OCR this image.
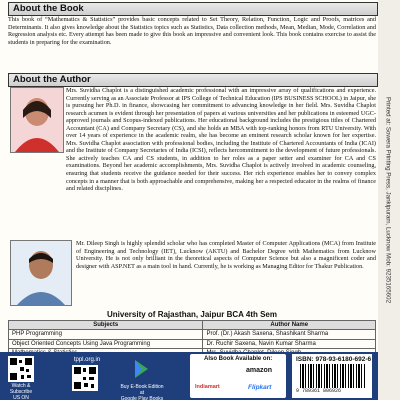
About the Book
This book of “Mathematics & Statistics” provides basic concepts related to Set Theory, Relation, Function, Logic and Proofs, matrices and Determinants. It also gives knowledge about the Statistics topics such as Statistics, Data collection methods, Mean, Median, Mode, Correlation and Regression analysis etc. Every attempt has been made to give this book an impressive and convenient look. This book contains exercise to assist the students in preparing for the examination.
About the Author
Mrs. Suvidha Chaplot is a distinguished academic professional with an impressive array of qualifications and experience. Currently serving as an Associate Professor at IPS College of Technical Education (IPS BUSINESS SCHOOL) in Jaipur, she is pursuing her Ph.D. in finance, showcasing her commitment to advancing knowledge in her field. Mrs. Suvidha Chaplot research acumen is evident through her presentation of papers at various universities and her publications in esteemed UGC-approved journals and Scopus-indexed publications. Her educational background includes the prestigious titles of Chartered Accountant (CA) and Company Secretary (CS), and she holds an MBA with top-ranking honors from RTU University. With over 14 years of experience in the academic realm, she has become an eminent research scholar known for her expertise. Mrs. Suvidha Chaplot association with professional bodies, including the Institute of Chartered Accountants of India (ICAI) and the Institute of Company Secretaries of India (ICSI), reflects hercommitment to the development of future professionals. She actively teaches CA and CS students, in addition to her roles as a paper setter and examiner for CA and CS examinations. Beyond her academic accomplishments, Mrs. Suvidha Chaplot is actively involved in academic counseling, ensuring that students receive the guidance needed for their success. Her rich experience enables her to convey complex concepts in a manner that is both approachable and comprehensive, making her a respected educator in the realms of finance and related disciplines.
Mr. Dileep Singh is highly splendid scholar who has completed Master of Computer Applications (MCA) from Institute of Engineering and Technology (IET), Lucknow (AKTU) and Bachelor Degree with Mathematics from Lucknow University. He is not only brilliant in the theoretical aspects of Computer Science but also a magnificent coder and designer with ASP.NET as a main tool in hand. Currently, he is working as Managing Editor for Thakur Publication.
University of Rajasthan, Jaipur BCA 4th Sem
Subjects	Author Name
PHP Programming	Prof. (Dr.) Akash Saxena, Shashikant Sharma
Object Oriented Concepts Using Java Programming	Dr. Ruchir Saxena, Navin Kumar Sharma

Watch & Subscribe
US ON
YouTube Channel
tppl.org.in
Buy E-Book Edition at
Google Play Books
Also Book Available on:
amazon
Indiamart	Flipkart
ISBN: 978-93-6180-692-6
9 789361 806926
Printed at: Sowera Printing Press, Jankipuram, Lucknow Mob: 9235165602
